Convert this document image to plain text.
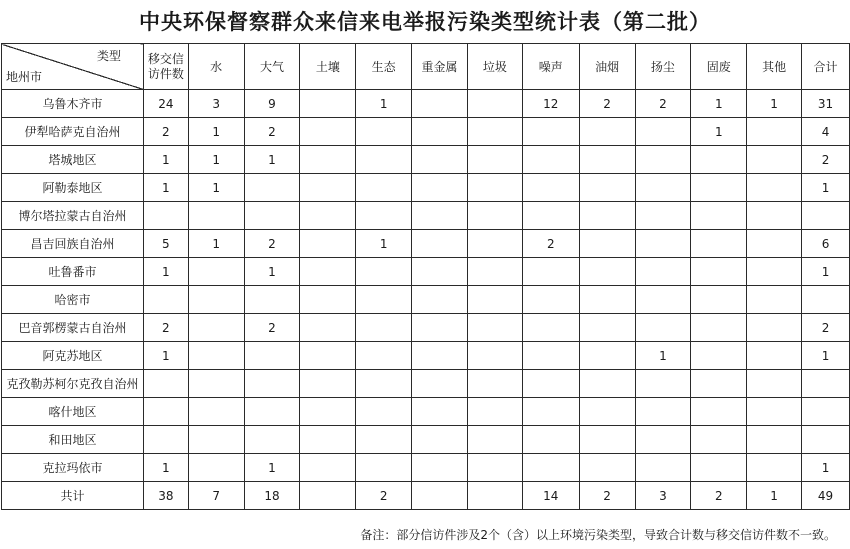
中央环保督察群众来信来电举报污染类型统计表（第二批）
类型
地州市	移交信访件数	水	大气	土壤	生态	重金属	垃圾	噪声	油烟	扬尘	固废	其他	合计
乌鲁木齐市	24	3	9		1			12	2	2	1	1	31
伊犁哈萨克自治州	2	1	2								1		4
塔城地区	1	1	1										2
阿勒泰地区	1	1											1
博尔塔拉蒙古自治州													
昌吉回族自治州	5	1	2		1			2					6
吐鲁番市	1		1										1
哈密市													
巴音郭楞蒙古自治州	2		2										2
阿克苏地区	1									1			1
克孜勒苏柯尔克孜自治州													
喀什地区													
和田地区													
克拉玛依市	1		1										1
共计	38	7	18		2			14	2	3	2	1	49
备注：部分信访件涉及2个（含）以上环境污染类型，导致合计数与移交信访件数不一致。
